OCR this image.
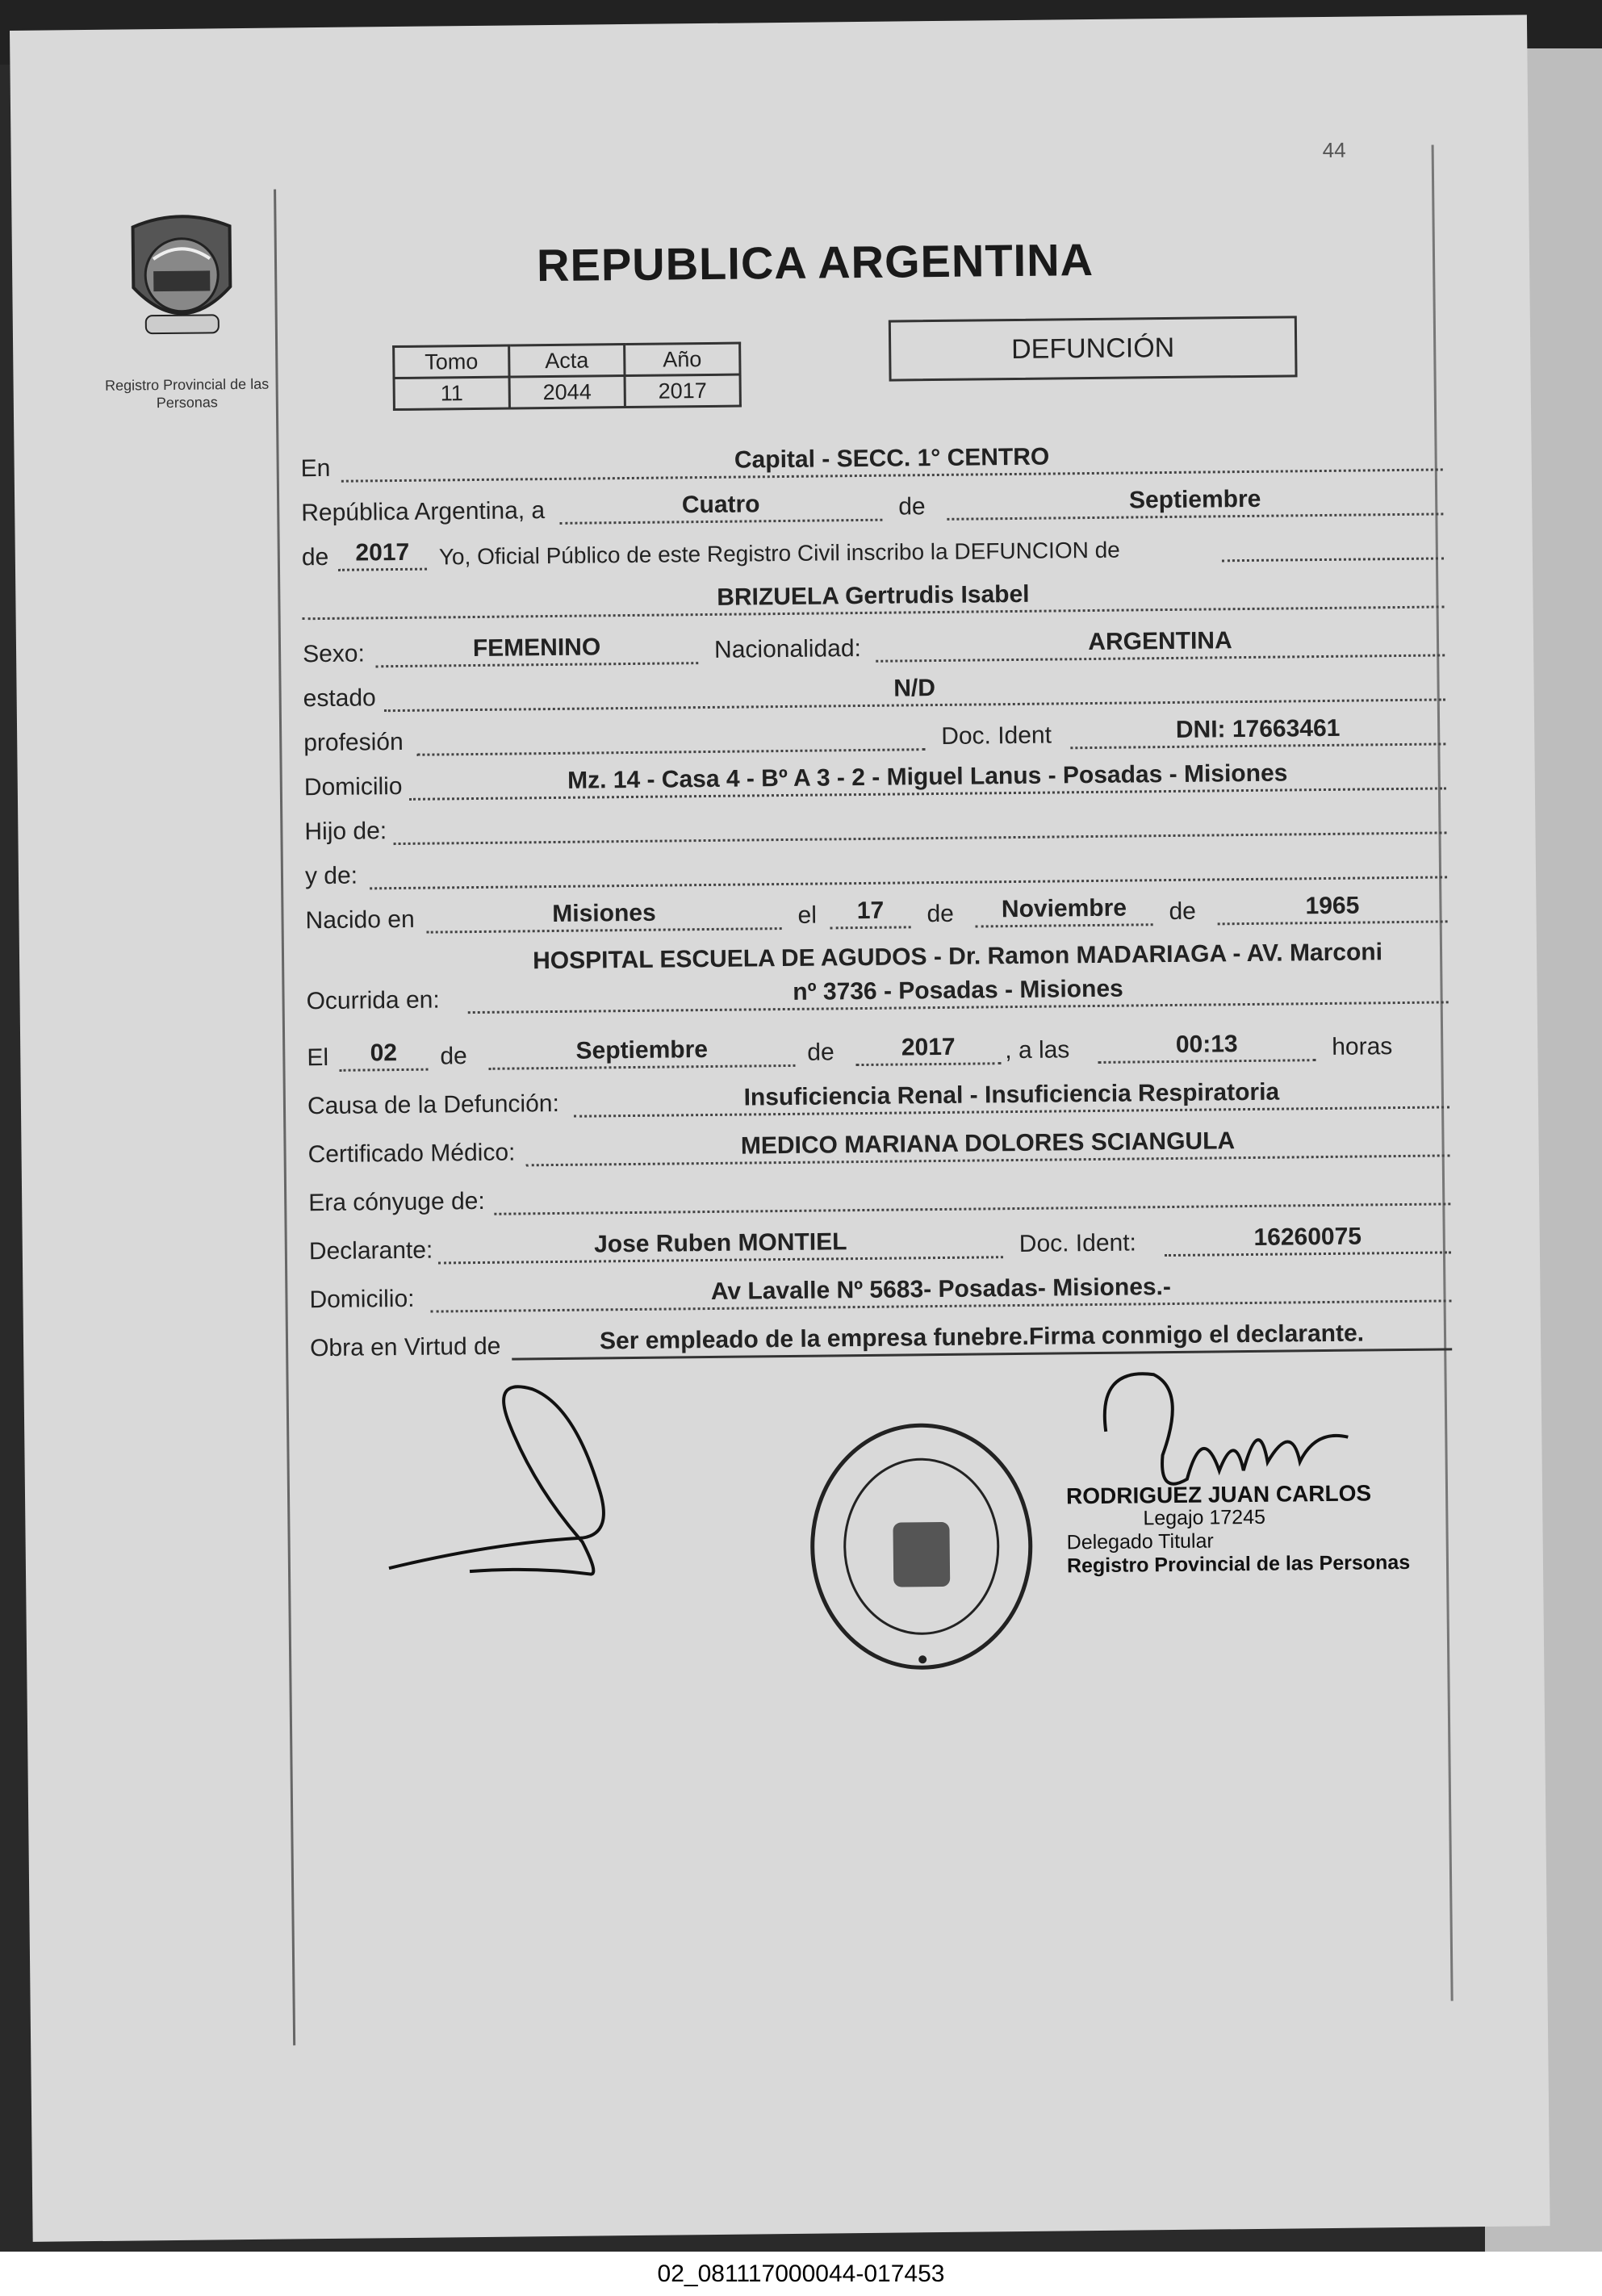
44
Registro Provincial de las Personas
REPUBLICA ARGENTINA
Tomo	Acta	Año
11	2044	2017
DEFUNCIÓN
En	Capital - SECC. 1° CENTRO
República Argentina, a	Cuatro	de	Septiembre
de	2017	Yo, Oficial Público de este Registro Civil inscribo la DEFUNCION de
BRIZUELA Gertrudis Isabel
Sexo:	FEMENINO	Nacionalidad:	ARGENTINA
estado	N/D
profesión	Doc. Ident	DNI: 17663461
Domicilio	Mz. 14 - Casa 4 - Bº A 3 - 2 - Miguel Lanus - Posadas - Misiones
Hijo de:
y de:
Nacido en	Misiones	el	17	de	Noviembre	de	1965
HOSPITAL ESCUELA DE AGUDOS - Dr. Ramon MADARIAGA - AV. Marconi
Ocurrida en:	nº 3736 - Posadas - Misiones
El	02	de	Septiembre	de	2017	, a las	00:13	horas
Causa de la Defunción:	Insuficiencia Renal - Insuficiencia Respiratoria
Certificado Médico:	MEDICO MARIANA DOLORES SCIANGULA
Era cónyuge de:
Declarante:	Jose Ruben MONTIEL	Doc. Ident:	16260075
Domicilio:	Av Lavalle Nº 5683- Posadas- Misiones.-
Obra en Virtud de	Ser empleado de la empresa funebre.Firma conmigo el declarante.
RODRIGUEZ JUAN CARLOS
Legajo 17245
Delegado Titular
Registro Provincial de las Personas
02_081117000044-017453
